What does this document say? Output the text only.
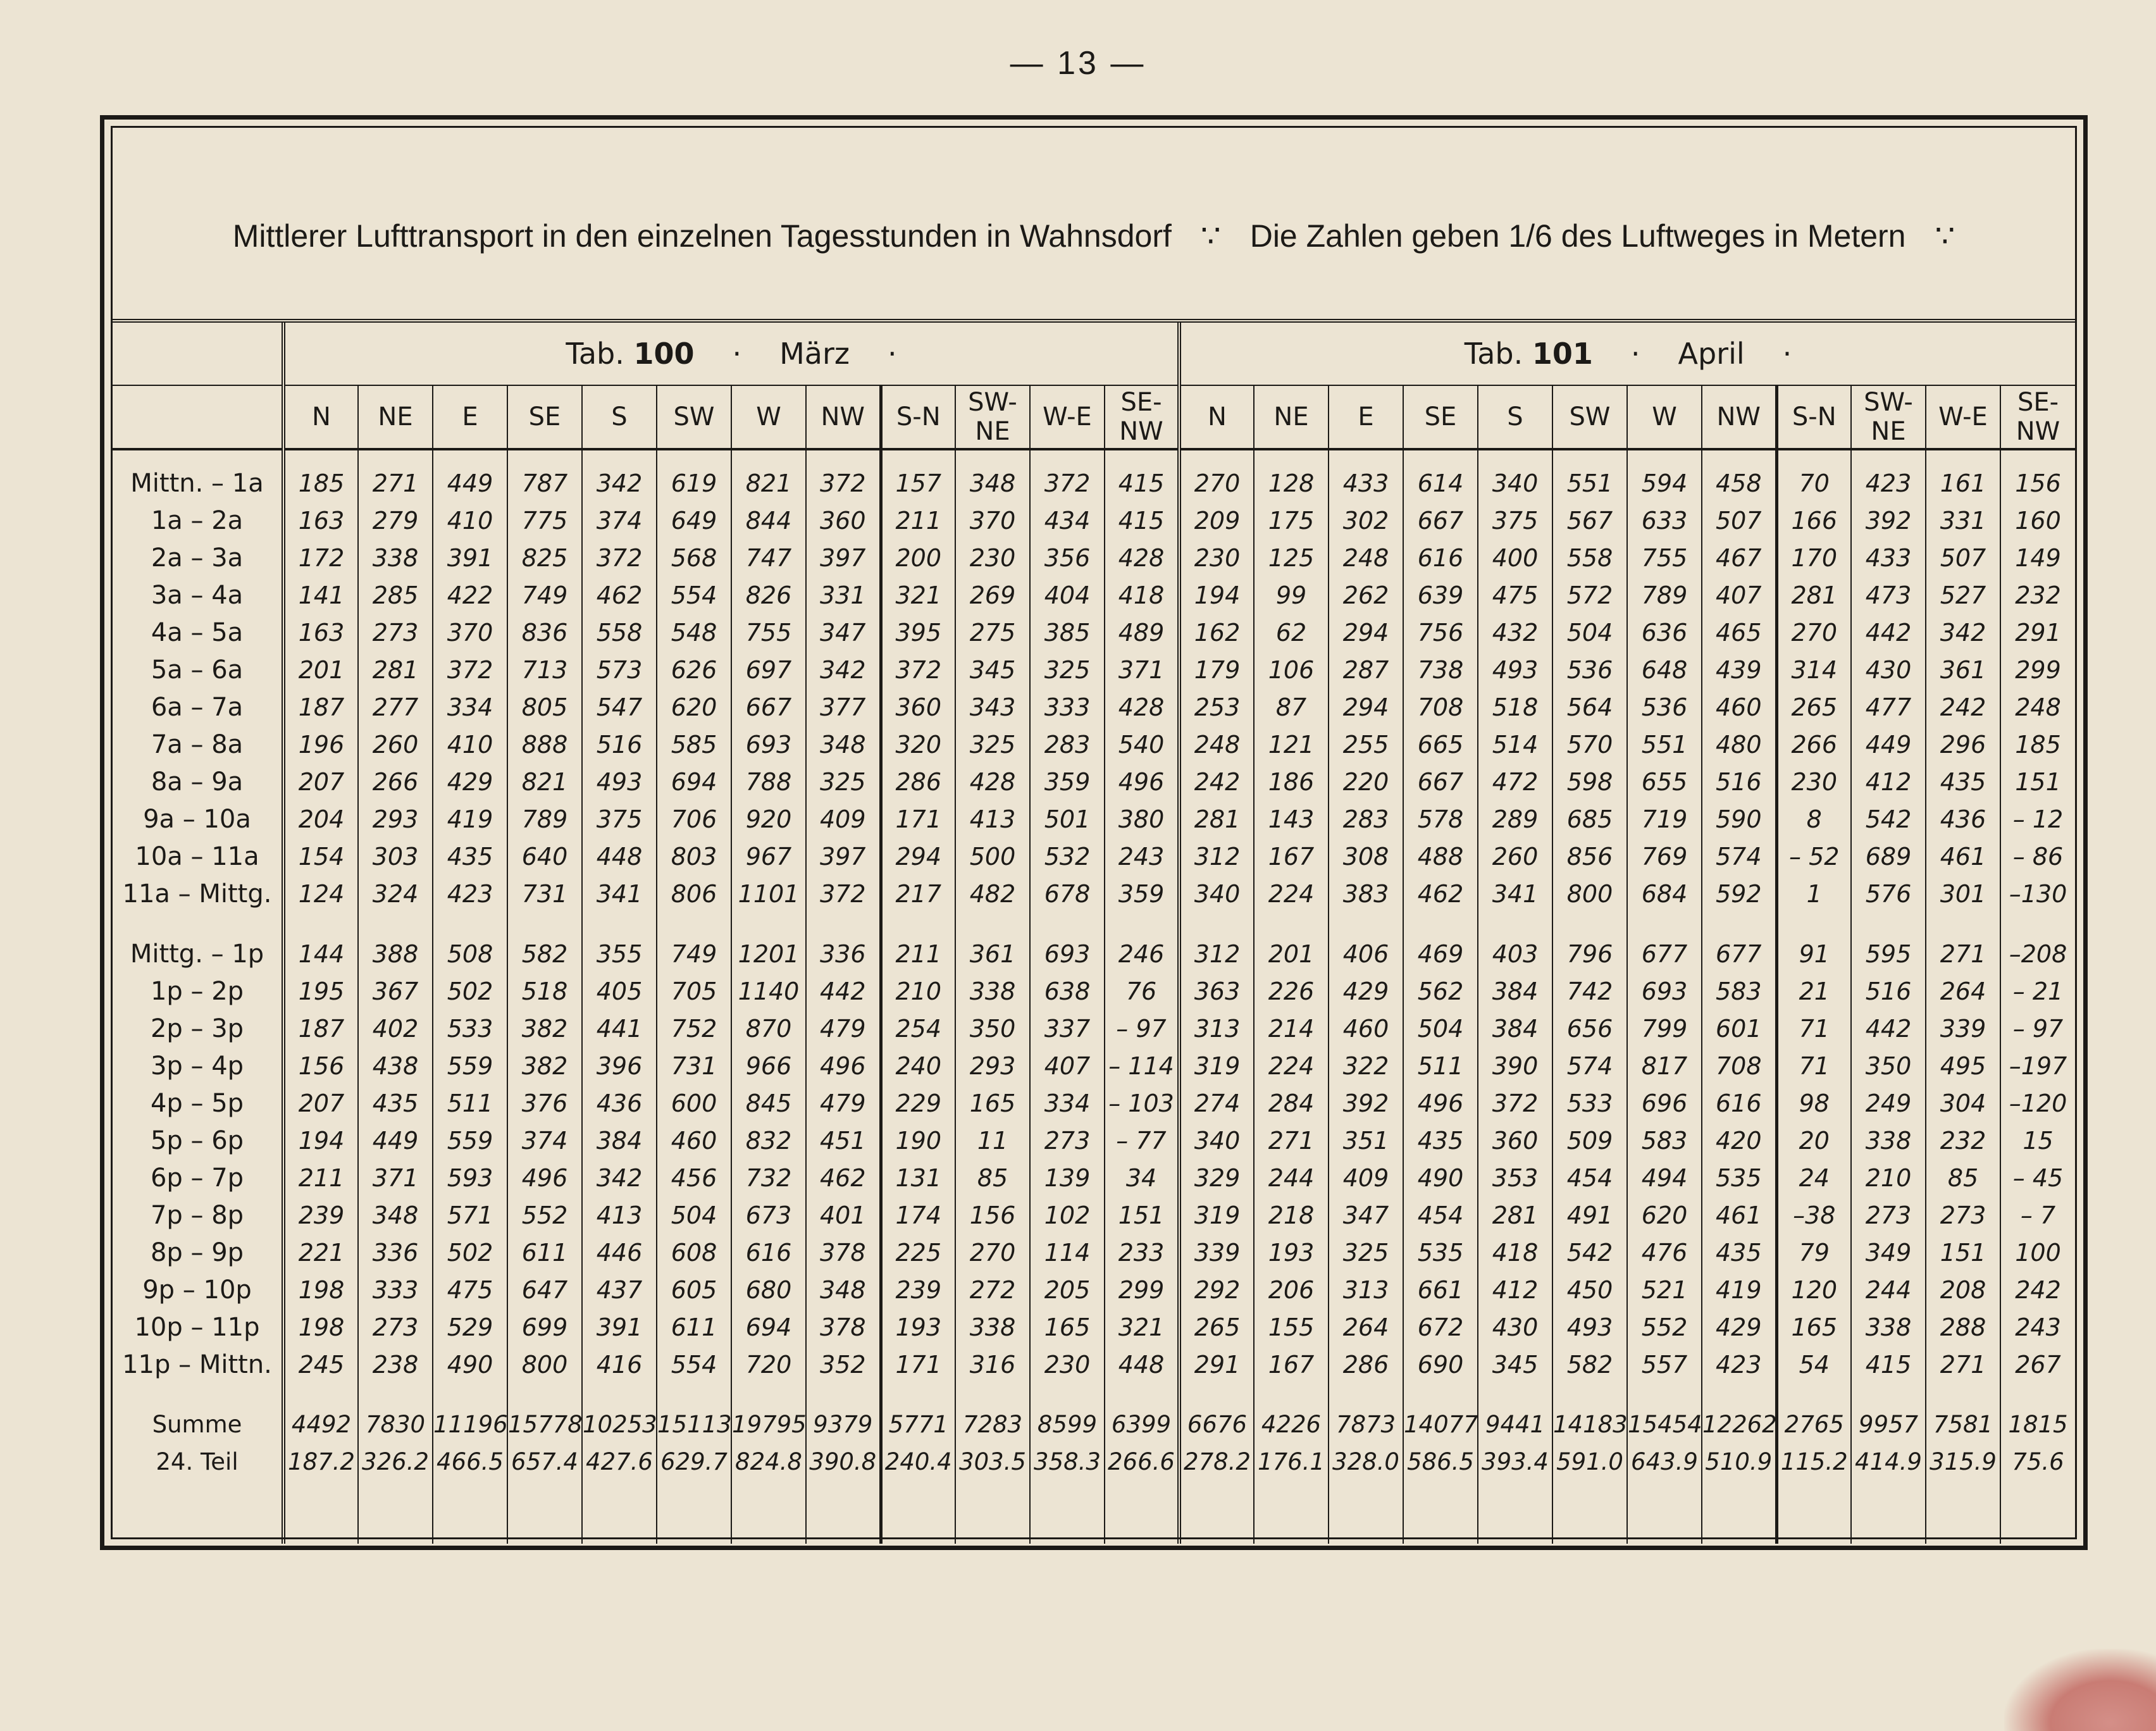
— 13 —
Mittlerer Lufttransport in den einzelnen Tagesstunden in Wahnsdorf ∵ Die Zahlen geben 1/6 des Luftweges in Metern ∵

	Tab. 100 · März ·												Tab. 101 · April ·											

	N	NE	E	SE	S	SW	W	NW	S-N	SW-NE	W-E	SE-NW	N	NE	E	SE	S	SW	W	NW	S-N	SW-NE	W-E	SE-NW
Mittn. – 1a	185	271	449	787	342	619	821	372	157	348	372	415	270	128	433	614	340	551	594	458	70	423	161	156
1a – 2a	163	279	410	775	374	649	844	360	211	370	434	415	209	175	302	667	375	567	633	507	166	392	331	160
2a – 3a	172	338	391	825	372	568	747	397	200	230	356	428	230	125	248	616	400	558	755	467	170	433	507	149
3a – 4a	141	285	422	749	462	554	826	331	321	269	404	418	194	99	262	639	475	572	789	407	281	473	527	232
4a – 5a	163	273	370	836	558	548	755	347	395	275	385	489	162	62	294	756	432	504	636	465	270	442	342	291
5a – 6a	201	281	372	713	573	626	697	342	372	345	325	371	179	106	287	738	493	536	648	439	314	430	361	299
6a – 7a	187	277	334	805	547	620	667	377	360	343	333	428	253	87	294	708	518	564	536	460	265	477	242	248
7a – 8a	196	260	410	888	516	585	693	348	320	325	283	540	248	121	255	665	514	570	551	480	266	449	296	185
8a – 9a	207	266	429	821	493	694	788	325	286	428	359	496	242	186	220	667	472	598	655	516	230	412	435	151
9a – 10a	204	293	419	789	375	706	920	409	171	413	501	380	281	143	283	578	289	685	719	590	8	542	436	– 12
10a – 11a	154	303	435	640	448	803	967	397	294	500	532	243	312	167	308	488	260	856	769	574	– 52	689	461	– 86
11a – Mittg.	124	324	423	731	341	806	1101	372	217	482	678	359	340	224	383	462	341	800	684	592	1	576	301	–130

Mittg. – 1p	144	388	508	582	355	749	1201	336	211	361	693	246	312	201	406	469	403	796	677	677	91	595	271	–208
1p – 2p	195	367	502	518	405	705	1140	442	210	338	638	76	363	226	429	562	384	742	693	583	21	516	264	– 21
2p – 3p	187	402	533	382	441	752	870	479	254	350	337	– 97	313	214	460	504	384	656	799	601	71	442	339	– 97
3p – 4p	156	438	559	382	396	731	966	496	240	293	407	– 114	319	224	322	511	390	574	817	708	71	350	495	–197
4p – 5p	207	435	511	376	436	600	845	479	229	165	334	– 103	274	284	392	496	372	533	696	616	98	249	304	–120
5p – 6p	194	449	559	374	384	460	832	451	190	11	273	– 77	340	271	351	435	360	509	583	420	20	338	232	15
6p – 7p	211	371	593	496	342	456	732	462	131	85	139	34	329	244	409	490	353	454	494	535	24	210	85	– 45
7p – 8p	239	348	571	552	413	504	673	401	174	156	102	151	319	218	347	454	281	491	620	461	–38	273	273	– 7
8p – 9p	221	336	502	611	446	608	616	378	225	270	114	233	339	193	325	535	418	542	476	435	79	349	151	100
9p – 10p	198	333	475	647	437	605	680	348	239	272	205	299	292	206	313	661	412	450	521	419	120	244	208	242
10p – 11p	198	273	529	699	391	611	694	378	193	338	165	321	265	155	264	672	430	493	552	429	165	338	288	243
11p – Mittn.	245	238	490	800	416	554	720	352	171	316	230	448	291	167	286	690	345	582	557	423	54	415	271	267

Summe	4492	7830	11196	15778	10253	15113	19795	9379	5771	7283	8599	6399	6676	4226	7873	14077	9441	14183	15454	12262	2765	9957	7581	1815
24. Teil	187.2	326.2	466.5	657.4	427.6	629.7	824.8	390.8	240.4	303.5	358.3	266.6	278.2	176.1	328.0	586.5	393.4	591.0	643.9	510.9	115.2	414.9	315.9	75.6
